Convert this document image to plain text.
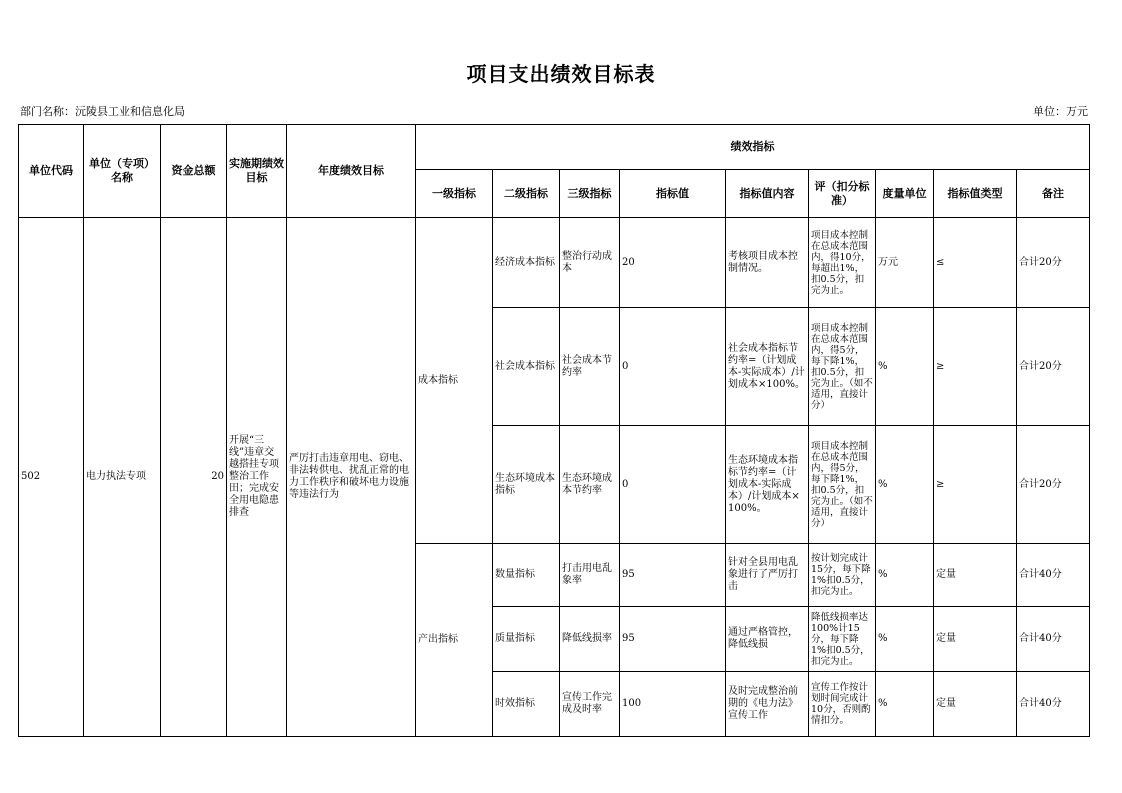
项目支出绩效目标表
部门名称：沅陵县工业和信息化局	单位：万元
单位代码	单位（专项）名称	资金总额	实施期绩效目标	年度绩效目标	绩效指标								
					一级指标	二级指标	三级指标	指标值	指标值内容	评（扣分标准）	度量单位	指标值类型	备注
502	电力执法专项	20	开展“三线”违章交越搭挂专项整治工作田；完成安全用电隐患排查	严厉打击违章用电、窃电、非法转供电、扰乱正常的电力工作秩序和破坏电力设施等违法行为	成本指标	经济成本指标	整治行动成本	20	考核项目成本控制情况。	项目成本控制在总成本范围内，得10分，每超出1%，扣0.5分，扣完为止。	万元	≤	合计20分
						社会成本指标	社会成本节约率	0	社会成本指标节约率=（计划成本-实际成本）/计划成本×100%。	项目成本控制在总成本范围内，得5分，每下降1%，扣0.5分，扣完为止。（如不适用，直接计分）	%	≥	合计20分
						生态环境成本指标	生态环境成本节约率	0	生态环境成本指标节约率=（计划成本-实际成本）/计划成本×100%。	项目成本控制在总成本范围内，得5分，每下降1%，扣0.5分，扣完为止。（如不适用，直接计分）	%	≥	合计20分
					产出指标	数量指标	打击用电乱象率	95	针对全县用电乱象进行了严厉打击	按计划完成计15分，每下降1%扣0.5分，扣完为止。	%	定量	合计40分
						质量指标	降低线损率	95	通过严格管控，降低线损	降低线损率达100%计15分，每下降1%扣0.5分，扣完为止。	%	定量	合计40分
						时效指标	宣传工作完成及时率	100	及时完成整治前期的《电力法》宣传工作	宣传工作按计划时间完成计10分，否则酌情扣分。	%	定量	合计40分
